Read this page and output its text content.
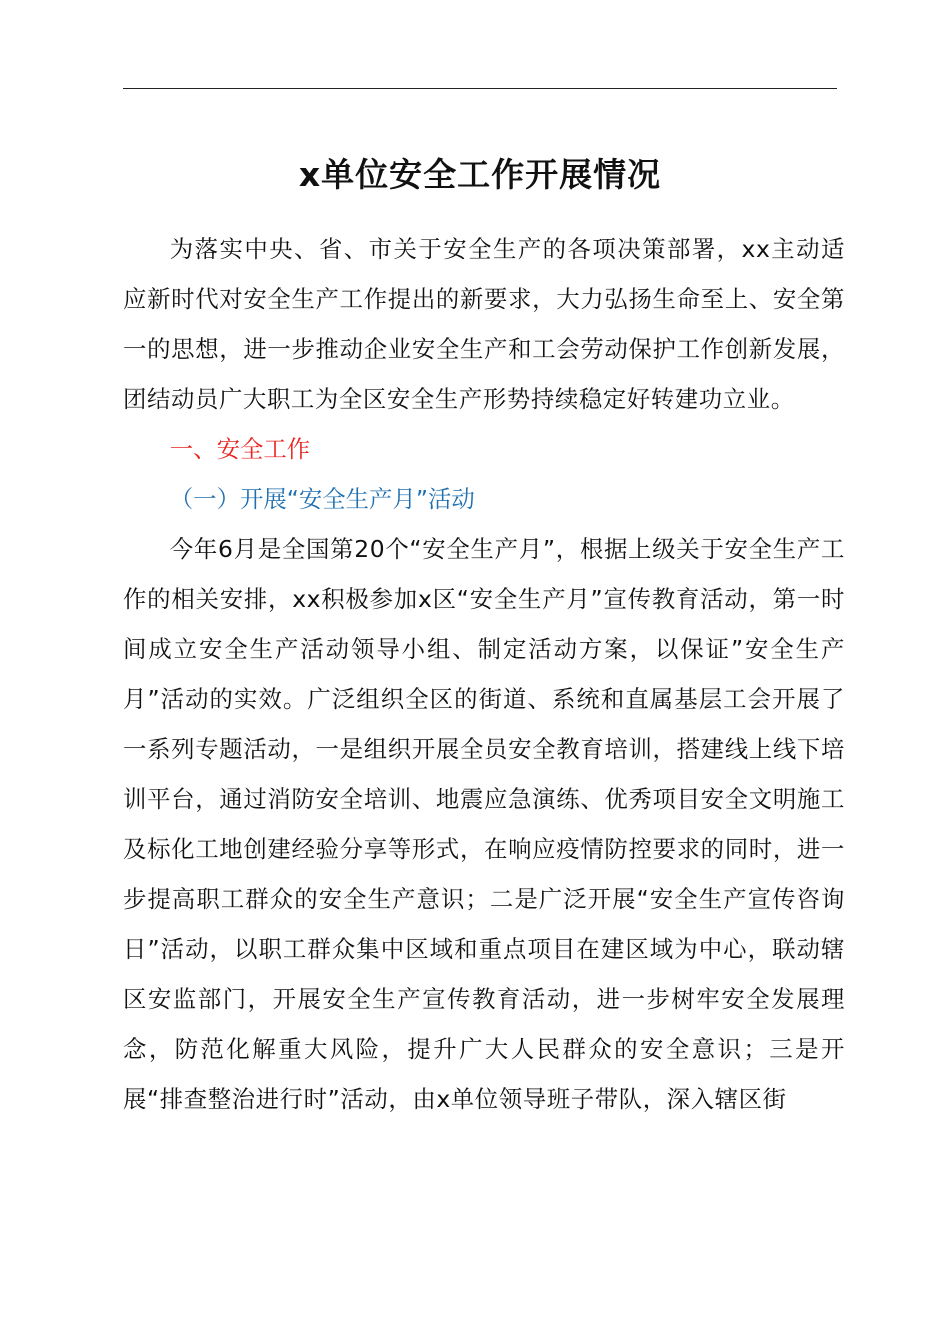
x单位安全工作开展情况

为落实中央、省、市关于安全生产的各项决策部署，xx主动适应新时代对安全生产工作提出的新要求，大力弘扬生命至上、安全第一的思想，进一步推动企业安全生产和工会劳动保护工作创新发展，团结动员广大职工为全区安全生产形势持续稳定好转建功立业。

一、安全工作

（一）开展“安全生产月”活动

今年6月是全国第20个“安全生产月”，根据上级关于安全生产工作的相关安排，xx积极参加x区“安全生产月”宣传教育活动，第一时间成立安全生产活动领导小组、制定活动方案，以保证”安全生产月”活动的实效。广泛组织全区的街道、系统和直属基层工会开展了一系列专题活动，一是组织开展全员安全教育培训，搭建线上线下培训平台，通过消防安全培训、地震应急演练、优秀项目安全文明施工及标化工地创建经验分享等形式，在响应疫情防控要求的同时，进一步提高职工群众的安全生产意识；二是广泛开展“安全生产宣传咨询日”活动，以职工群众集中区域和重点项目在建区域为中心，联动辖区安监部门，开展安全生产宣传教育活动，进一步树牢安全发展理念，防范化解重大风险，提升广大人民群众的安全意识；三是开展“排查整治进行时”活动，由x单位领导班子带队，深入辖区街
